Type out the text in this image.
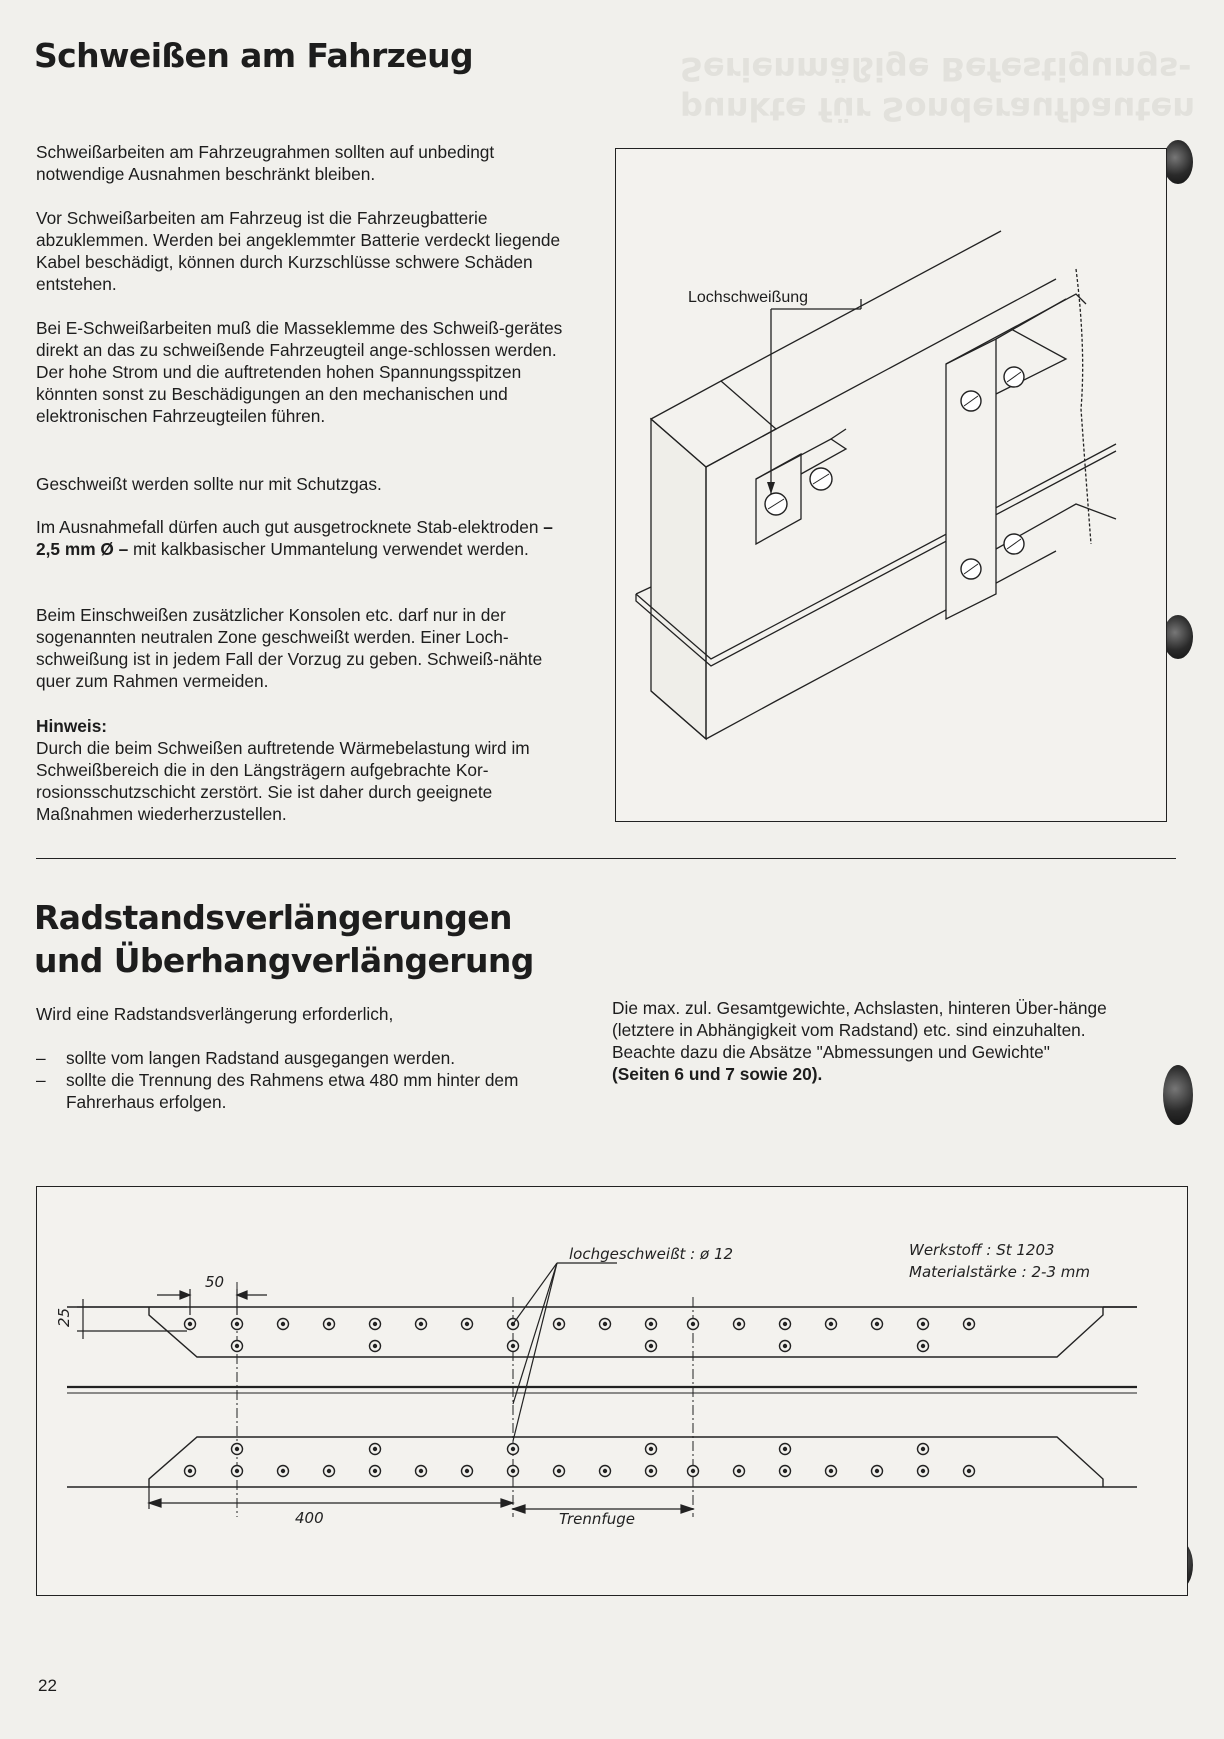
Serienmäßige Befestigungs-
punkte für Sonderaufbauten
Schweißen am Fahrzeug

Schweißarbeiten am Fahrzeugrahmen sollten auf unbedingt notwendige Ausnahmen beschränkt bleiben.

Vor Schweißarbeiten am Fahrzeug ist die Fahrzeugbatterie abzuklemmen. Werden bei angeklemmter Batterie verdeckt liegende Kabel beschädigt, können durch Kurzschlüsse schwere Schäden entstehen.

Bei E-Schweißarbeiten muß die Masseklemme des Schweiß-gerätes direkt an das zu schweißende Fahrzeugteil ange-schlossen werden. Der hohe Strom und die auftretenden hohen Spannungsspitzen könnten sonst zu Beschädigungen an den mechanischen und elektronischen Fahrzeugteilen führen.

Geschweißt werden sollte nur mit Schutzgas.

Im Ausnahmefall dürfen auch gut ausgetrocknete Stab-elektroden – 2,5 mm Ø – mit kalkbasischer Ummantelung verwendet werden.

Beim Einschweißen zusätzlicher Konsolen etc. darf nur in der sogenannten neutralen Zone geschweißt werden. Einer Loch-schweißung ist in jedem Fall der Vorzug zu geben. Schweiß-nähte quer zum Rahmen vermeiden.

Hinweis:
Durch die beim Schweißen auftretende Wärmebelastung wird im Schweißbereich die in den Längsträgern aufgebrachte Kor-rosionsschutzschicht zerstört. Sie ist daher durch geeignete Maßnahmen wiederherzustellen.

Lochschweißung
Radstandsverlängerungen
und Überhangverlängerung

Wird eine Radstandsverlängerung erforderlich,

– sollte vom langen Radstand ausgegangen werden.
– sollte die Trennung des Rahmens etwa 480 mm hinter dem Fahrerhaus erfolgen.

Die max. zul. Gesamtgewichte, Achslasten, hinteren Über-hänge (letztere in Abhängigkeit vom Radstand) etc. sind einzuhalten.
Beachte dazu die Absätze "Abmessungen und Gewichte"
(Seiten 6 und 7 sowie 20).

lochgeschweißt : ø 12	Werkstoff : St 1203
Materialstärke : 2-3 mm
50
25
400	Trennfuge
22
